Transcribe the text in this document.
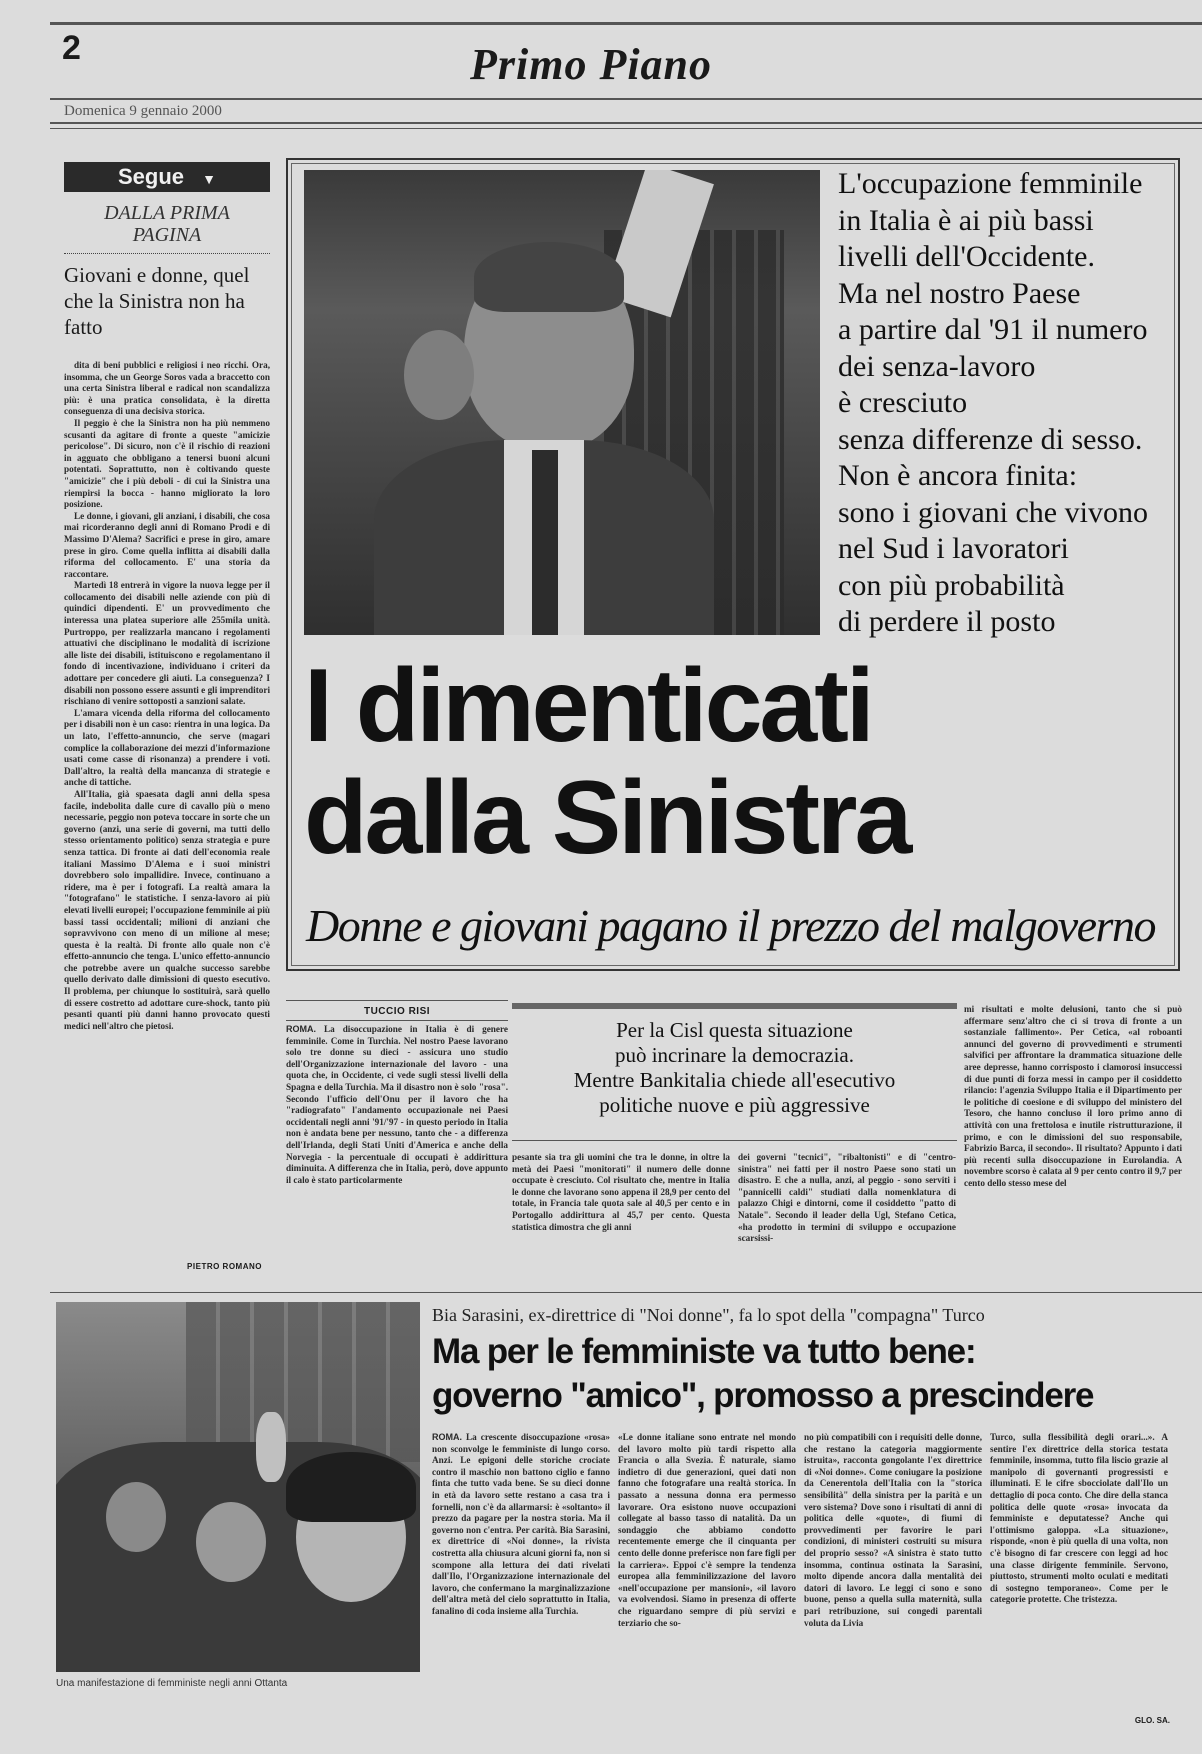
2	Primo Piano
Domenica 9 gennaio 2000
Segue ▼
DALLA PRIMA PAGINA
Giovani e donne, quel che la Sinistra non ha fatto

dita di beni pubblici e religiosi i neo ricchi. Ora, insomma, che un George Soros vada a braccetto con una certa Sinistra liberal e radical non scandalizza più: è una pratica consolidata, è la diretta conseguenza di una decisiva storica.

Il peggio è che la Sinistra non ha più nemmeno scusanti da agitare di fronte a queste "amicizie pericolose". Di sicuro, non c'è il rischio di reazioni in agguato che obbligano a tenersi buoni alcuni potentati. Soprattutto, non è coltivando queste "amicizie" che i più deboli - di cui la Sinistra una riempirsi la bocca - hanno migliorato la loro posizione.

Le donne, i giovani, gli anziani, i disabili, che cosa mai ricorderanno degli anni di Romano Prodi e di Massimo D'Alema? Sacrifici e prese in giro, amare prese in giro. Come quella inflitta ai disabili dalla riforma del collocamento. E' una storia da raccontare.

Martedì 18 entrerà in vigore la nuova legge per il collocamento dei disabili nelle aziende con più di quindici dipendenti. E' un provvedimento che interessa una platea superiore alle 255mila unità. Purtroppo, per realizzarla mancano i regolamenti attuativi che disciplinano le modalità di iscrizione alle liste dei disabili, istituiscono e regolamentano il fondo di incentivazione, individuano i criteri da adottare per concedere gli aiuti. La conseguenza? I disabili non possono essere assunti e gli imprenditori rischiano di venire sottoposti a sanzioni salate.

L'amara vicenda della riforma del collocamento per i disabili non è un caso: rientra in una logica. Da un lato, l'effetto-annuncio, che serve (magari complice la collaborazione dei mezzi d'informazione usati come casse di risonanza) a prendere i voti. Dall'altro, la realtà della mancanza di strategie e anche di tattiche.

All'Italia, già spaesata dagli anni della spesa facile, indebolita dalle cure di cavallo più o meno necessarie, peggio non poteva toccare in sorte che un governo (anzi, una serie di governi, ma tutti dello stesso orientamento politico) senza strategia e pure senza tattica. Di fronte ai dati dell'economia reale italiani Massimo D'Alema e i suoi ministri dovrebbero solo impallidire. Invece, continuano a ridere, ma è per i fotografi. La realtà amara la "fotografano" le statistiche. I senza-lavoro ai più elevati livelli europei; l'occupazione femminile ai più bassi tassi occidentali; milioni di anziani che sopravvivono con meno di un milione al mese; questa è la realtà. Di fronte allo quale non c'è effetto-annuncio che tenga. L'unico effetto-annuncio che potrebbe avere un qualche successo sarebbe quello derivato dalle dimissioni di questo esecutivo. Il problema, per chiunque lo sostituirà, sarà quello di essere costretto ad adottare cure-shock, tanto più pesanti quanti più danni hanno provocato questi medici nell'altro che pietosi.

PIETRO ROMANO
L'occupazione femminile
in Italia è ai più bassi
livelli dell'Occidente.
Ma nel nostro Paese
a partire dal '91 il numero
dei senza-lavoro
è cresciuto
senza differenze di sesso.
Non è ancora finita:
sono i giovani che vivono
nel Sud i lavoratori
con più probabilità
di perdere il posto
I dimenticati
dalla Sinistra
Donne e giovani pagano il prezzo del malgoverno
TUCCIO RISI
ROMA. La disoccupazione in Italia è di genere femminile. Come in Turchia. Nel nostro Paese lavorano solo tre donne su dieci - assicura uno studio dell'Organizzazione internazionale del lavoro - una quota che, in Occidente, ci vede sugli stessi livelli della Spagna e della Turchia. Ma il disastro non è solo "rosa". Secondo l'ufficio dell'Onu per il lavoro che ha "radiografato" l'andamento occupazionale nei Paesi occidentali negli anni '91/'97 - in questo periodo in Italia non è andata bene per nessuno, tanto che - a differenza dell'Irlanda, degli Stati Uniti d'America e anche della Norvegia - la percentuale di occupati è addirittura diminuita. A differenza che in Italia, però, dove appunto il calo è stato particolarmente
Per la Cisl questa situazione
può incrinare la democrazia.
Mentre Bankitalia chiede all'esecutivo
politiche nuove e più aggressive
pesante sia tra gli uomini che tra le donne, in oltre la metà dei Paesi "monitorati" il numero delle donne occupate è cresciuto. Col risultato che, mentre in Italia le donne che lavorano sono appena il 28,9 per cento del totale, in Francia tale quota sale al 40,5 per cento e in Portogallo addirittura al 45,7 per cento. Questa statistica dimostra che gli anni
dei governi "tecnici", "ribaltonisti" e di "centro-sinistra" nei fatti per il nostro Paese sono stati un disastro. E che a nulla, anzi, al peggio - sono serviti i "pannicelli caldi" studiati dalla nomenklatura di palazzo Chigi e dintorni, come il cosiddetto "patto di Natale". Secondo il leader della Ugl, Stefano Cetica, «ha prodotto in termini di sviluppo e occupazione scarsissi-
mi risultati e molte delusioni, tanto che si può affermare senz'altro che ci si trova di fronte a un sostanziale fallimento». Per Cetica, «al roboanti annunci del governo di provvedimenti e strumenti salvifici per affrontare la drammatica situazione delle aree depresse, hanno corrisposto i clamorosi insuccessi di due punti di forza messi in campo per il cosiddetto rilancio: l'agenzia Sviluppo Italia e il Dipartimento per le politiche di coesione e di sviluppo del ministero del Tesoro, che hanno concluso il loro primo anno di attività con una frettolosa e inutile ristrutturazione, il primo, e con le dimissioni del suo responsabile, Fabrizio Barca, il secondo». Il risultato? Appunto i dati più recenti sulla disoccupazione in Eurolandia. A novembre scorso è calata al 9 per cento contro il 9,7 per cento dello stesso mese del
Una manifestazione di femministe negli anni Ottanta
Bia Sarasini, ex-direttrice di "Noi donne", fa lo spot della "compagna" Turco
Ma per le femministe va tutto bene:
governo "amico", promosso a prescindere
ROMA. La crescente disoccupazione «rosa» non sconvolge le femministe di lungo corso. Anzi. Le epigoni delle storiche crociate contro il maschio non battono ciglio e fanno finta che tutto vada bene. Se su dieci donne in età da lavoro sette restano a casa tra i fornelli, non c'è da allarmarsi: è «soltanto» il prezzo da pagare per la nostra storia. Ma il governo non c'entra. Per carità. Bia Sarasini, ex direttrice di «Noi donne», la rivista costretta alla chiusura alcuni giorni fa, non si scompone alla lettura dei dati rivelati dall'Ilo, l'Organizzazione internazionale del lavoro, che confermano la marginalizzazione dell'altra metà del cielo soprattutto in Italia, fanalino di coda insieme alla Turchia.
«Le donne italiane sono entrate nel mondo del lavoro molto più tardi rispetto alla Francia o alla Svezia. È naturale, siamo indietro di due generazioni, quei dati non fanno che fotografare una realtà storica. In passato a nessuna donna era permesso lavorare. Ora esistono nuove occupazioni collegate al basso tasso di natalità. Da un sondaggio che abbiamo condotto recentemente emerge che il cinquanta per cento delle donne preferisce non fare figli per la carriera». Eppoi c'è sempre la tendenza europea alla femminilizzazione del lavoro «nell'occupazione per mansioni», «il lavoro va evolvendosi. Siamo in presenza di offerte che riguardano sempre di più servizi e terziario che so-
no più compatibili con i requisiti delle donne, che restano la categoria maggiormente istruita», racconta gongolante l'ex direttrice di «Noi donne». Come coniugare la posizione da Cenerentola dell'Italia con la "storica sensibilità" della sinistra per la parità e un vero sistema? Dove sono i risultati di anni di politica delle «quote», di fiumi di provvedimenti per favorire le pari condizioni, di ministeri costruiti su misura del proprio sesso? «A sinistra è stato tutto insomma, continua ostinata la Sarasini, molto dipende ancora dalla mentalità dei datori di lavoro. Le leggi ci sono e sono buone, penso a quella sulla maternità, sulla pari retribuzione, sui congedi parentali voluta da Livia
Turco, sulla flessibilità degli orari...». A sentire l'ex direttrice della storica testata femminile, insomma, tutto fila liscio grazie al manipolo di governanti progressisti e illuminati. E le cifre sbocciolate dall'Ilo un dettaglio di poca conto. Che dire della stanca politica delle quote «rosa» invocata da femministe e deputatesse? Anche qui l'ottimismo galoppa. «La situazione», risponde, «non è più quella di una volta, non c'è bisogno di far crescere con leggi ad hoc una classe dirigente femminile. Servono, piuttosto, strumenti molto oculati e meditati di sostegno temporaneo». Come per le categorie protette. Che tristezza.
GLO. SA.
